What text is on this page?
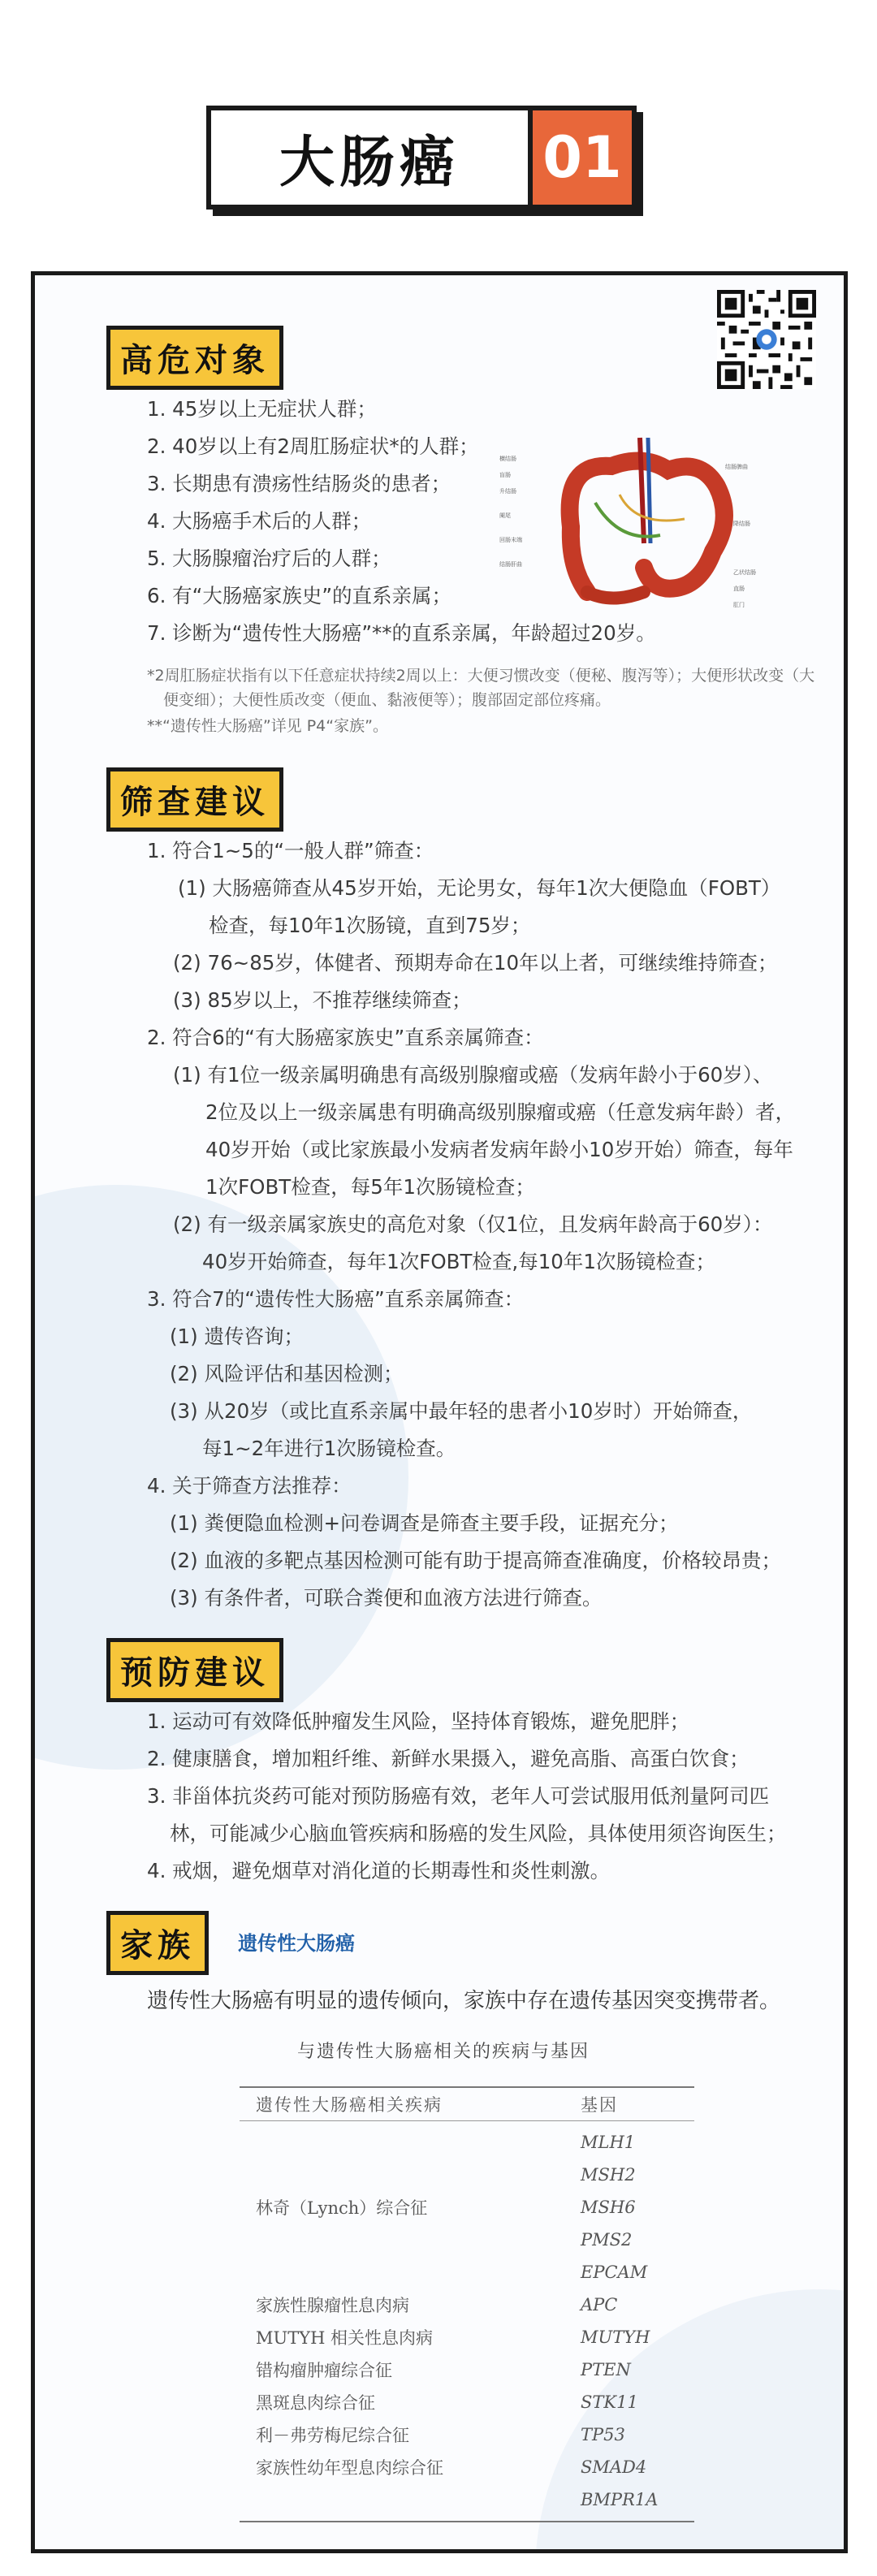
大肠癌	01
高危对象
1. 45岁以上无症状人群；
2. 40岁以上有2周肛肠症状*的人群；
3. 长期患有溃疡性结肠炎的患者；
4. 大肠癌手术后的人群；
5. 大肠腺瘤治疗后的人群；
6. 有“大肠癌家族史”的直系亲属；
7. 诊断为“遗传性大肠癌”**的直系亲属，年龄超过20岁。
横结肠
盲肠
升结肠
阑尾
回肠末端
结肠肝曲
结肠脾曲
降结肠
乙状结肠
直肠
肛门
*2周肛肠症状指有以下任意症状持续2周以上：大便习惯改变（便秘、腹泻等）；大便形状改变（大
便变细）；大便性质改变（便血、黏液便等）；腹部固定部位疼痛。
**“遗传性大肠癌”详见 P4“家族”。
筛查建议
1. 符合1~5的“一般人群”筛查：
(1) 大肠癌筛查从45岁开始，无论男女，每年1次大便隐血（FOBT）
检查，每10年1次肠镜，直到75岁；
(2) 76~85岁，体健者、预期寿命在10年以上者，可继续维持筛查；
(3) 85岁以上，不推荐继续筛查；
2. 符合6的“有大肠癌家族史”直系亲属筛查：
(1) 有1位一级亲属明确患有高级别腺瘤或癌（发病年龄小于60岁）、
2位及以上一级亲属患有明确高级别腺瘤或癌（任意发病年龄）者，
40岁开始（或比家族最小发病者发病年龄小10岁开始）筛查，每年
1次FOBT检查，每5年1次肠镜检查；
(2) 有一级亲属家族史的高危对象（仅1位，且发病年龄高于60岁）：
40岁开始筛查，每年1次FOBT检查,每10年1次肠镜检查；
3. 符合7的“遗传性大肠癌”直系亲属筛查：
(1) 遗传咨询；
(2) 风险评估和基因检测；
(3) 从20岁（或比直系亲属中最年轻的患者小10岁时）开始筛查，
每1~2年进行1次肠镜检查。
4. 关于筛查方法推荐：
(1) 粪便隐血检测+问卷调查是筛查主要手段，证据充分；
(2) 血液的多靶点基因检测可能有助于提高筛查准确度，价格较昂贵；
(3) 有条件者，可联合粪便和血液方法进行筛查。
预防建议
1. 运动可有效降低肿瘤发生风险，坚持体育锻炼，避免肥胖；
2. 健康膳食，增加粗纤维、新鲜水果摄入，避免高脂、高蛋白饮食；
3. 非甾体抗炎药可能对预防肠癌有效，老年人可尝试服用低剂量阿司匹
林，可能减少心脑血管疾病和肠癌的发生风险，具体使用须咨询医生；
4. 戒烟，避免烟草对消化道的长期毒性和炎性刺激。
家族	遗传性大肠癌
遗传性大肠癌有明显的遗传倾向，家族中存在遗传基因突变携带者。
与遗传性大肠癌相关的疾病与基因
遗传性大肠癌相关疾病	基因
林奇（Lynch）综合征
MLH1
MSH2
MSH6
PMS2
EPCAM
家族性腺瘤性息肉病	APC
MUTYH 相关性息肉病	MUTYH
错构瘤肿瘤综合征	PTEN
黑斑息肉综合征	STK11
利－弗劳梅尼综合征	TP53
家族性幼年型息肉综合征	SMAD4
BMPR1A
